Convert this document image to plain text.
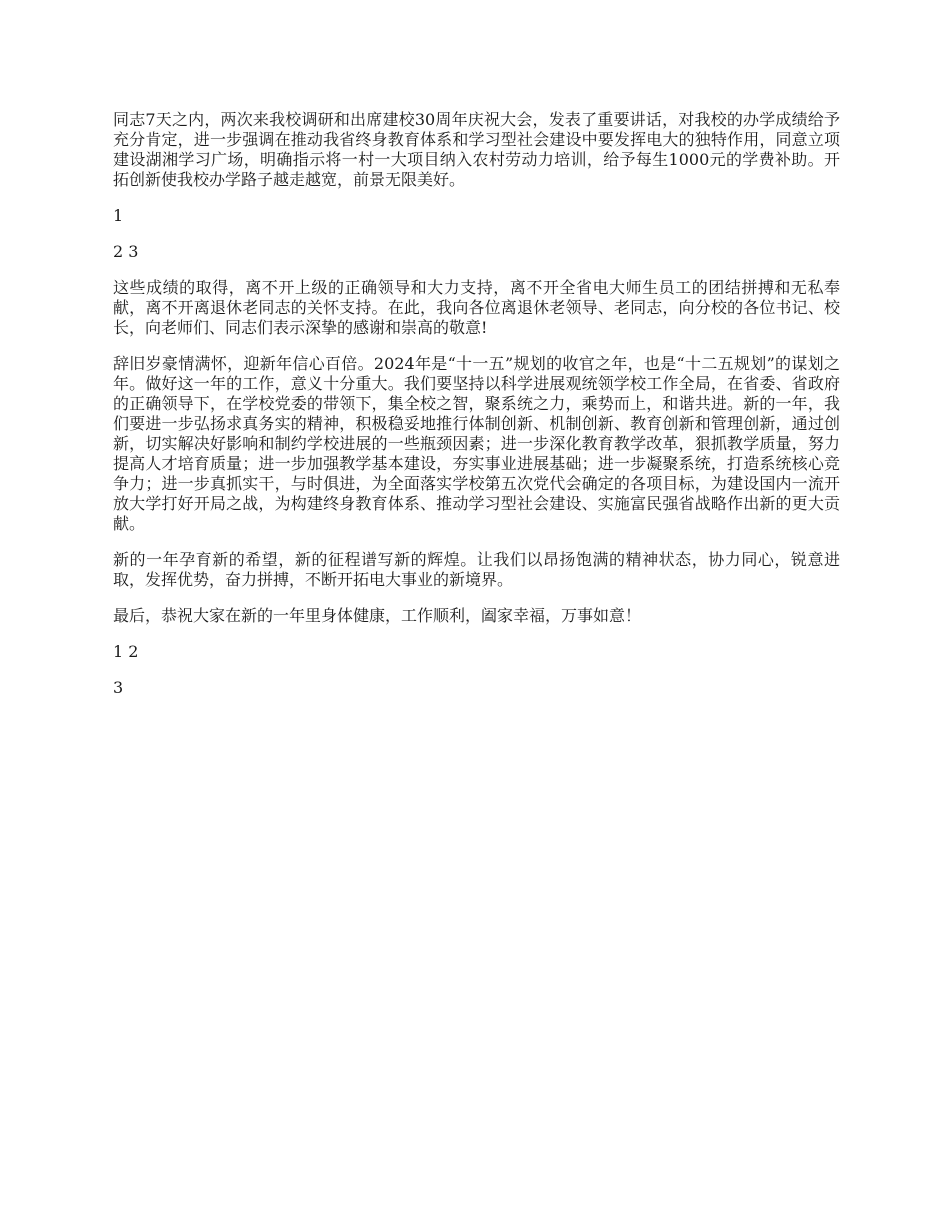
同志7天之内，两次来我校调研和出席建校30周年庆祝大会，发表了重要讲话，对我校的办学成绩给予充分肯定，进一步强调在推动我省终身教育体系和学习型社会建设中要发挥电大的独特作用，同意立项建设湖湘学习广场，明确指示将一村一大项目纳入农村劳动力培训，给予每生1000元的学费补助。开拓创新使我校办学路子越走越宽，前景无限美好。

1

2 3

这些成绩的取得，离不开上级的正确领导和大力支持，离不开全省电大师生员工的团结拼搏和无私奉献，离不开离退休老同志的关怀支持。在此，我向各位离退休老领导、老同志，向分校的各位书记、校长，向老师们、同志们表示深挚的感谢和崇高的敬意!

辞旧岁豪情满怀，迎新年信心百倍。2024年是“十一五”规划的收官之年，也是“十二五规划”的谋划之年。做好这一年的工作，意义十分重大。我们要坚持以科学进展观统领学校工作全局，在省委、省政府的正确领导下，在学校党委的带领下，集全校之智，聚系统之力，乘势而上，和谐共进。新的一年，我们要进一步弘扬求真务实的精神，积极稳妥地推行体制创新、机制创新、教育创新和管理创新，通过创新，切实解决好影响和制约学校进展的一些瓶颈因素；进一步深化教育教学改革，狠抓教学质量，努力提高人才培育质量；进一步加强教学基本建设，夯实事业进展基础；进一步凝聚系统，打造系统核心竞争力；进一步真抓实干，与时俱进，为全面落实学校第五次党代会确定的各项目标，为建设国内一流开放大学打好开局之战，为构建终身教育体系、推动学习型社会建设、实施富民强省战略作出新的更大贡献。

新的一年孕育新的希望，新的征程谱写新的辉煌。让我们以昂扬饱满的精神状态，协力同心，锐意进取，发挥优势，奋力拼搏，不断开拓电大事业的新境界。

最后，恭祝大家在新的一年里身体健康，工作顺利，阖家幸福，万事如意！

1 2

3
